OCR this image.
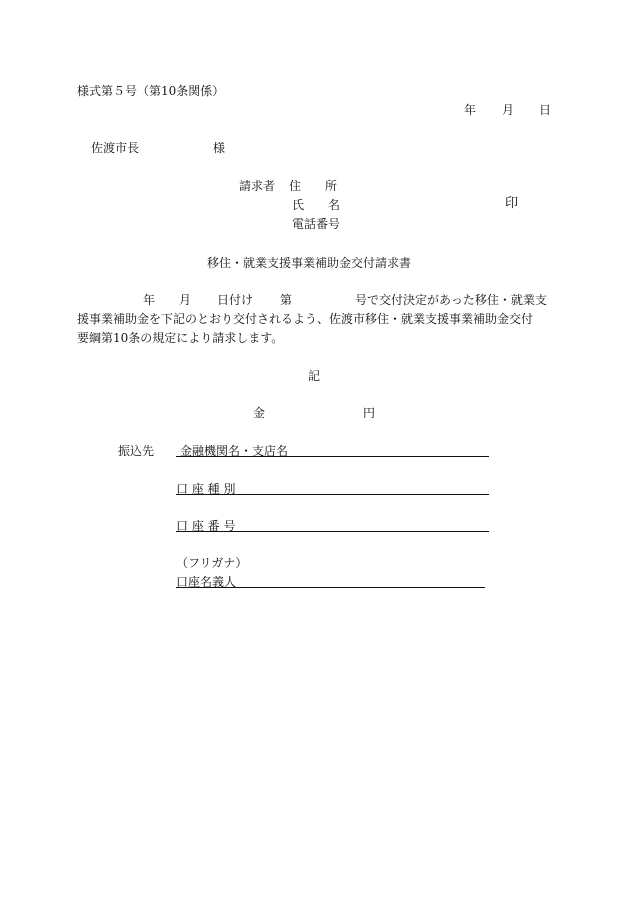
様式第５号（第10条関係）
年 月 日
佐渡市長	様
請求者 住　　所
氏　　名	印
電話番号
移住・就業支援事業補助金交付請求書
年 月 日付け 第	号で交付決定があった移住・就業支
援事業補助金を下記のとおり交付されるよう、佐渡市移住・就業支援事業補助金交付
要綱第10条の規定により請求します。
記
金	円
振込先 金融機関名・支店名
口 座 種 別
口 座 番 号
（フリガナ）
口座名義人
